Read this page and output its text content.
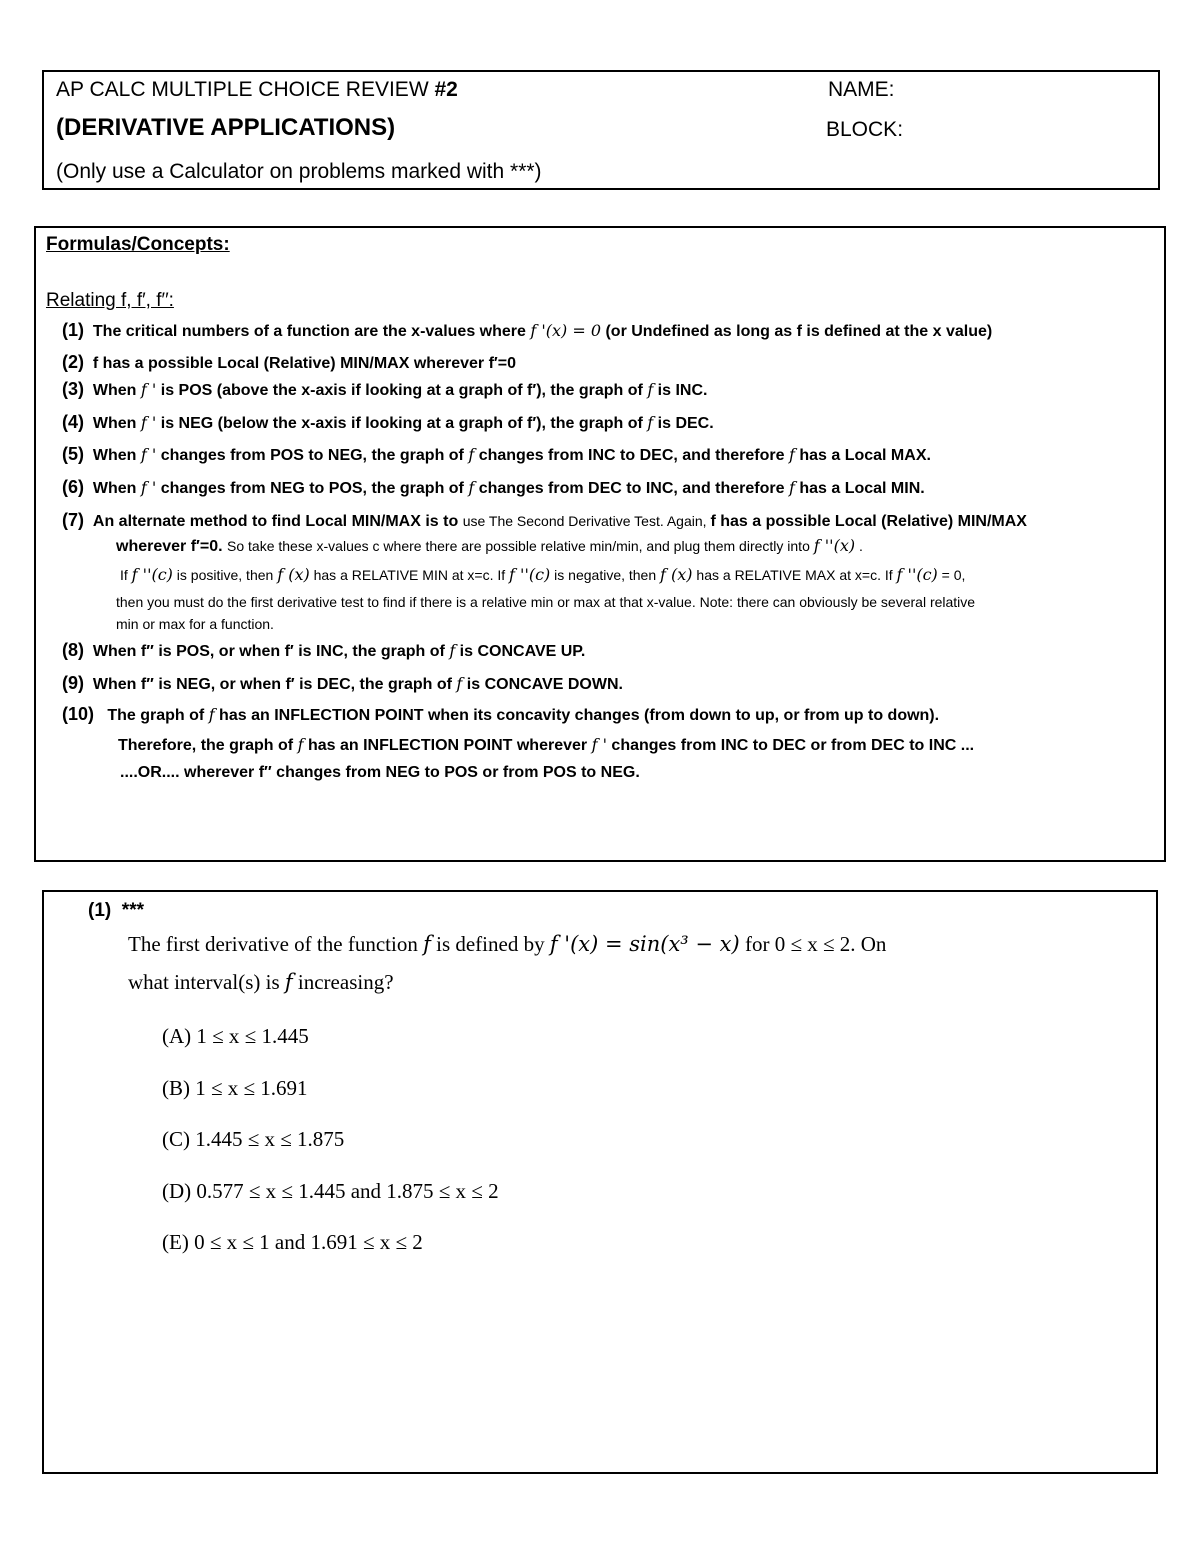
AP CALC MULTIPLE CHOICE REVIEW #2
(DERIVATIVE APPLICATIONS)
(Only use a Calculator on problems marked with ***)
NAME:
BLOCK:
Formulas/Concepts:
Relating f, f′, f′′:
(1) The critical numbers of a function are the x-values where f '(x) = 0 (or Undefined as long as f is defined at the x value)
(2) f has a possible Local (Relative) MIN/MAX wherever f′=0
(3) When f ' is POS (above the x-axis if looking at a graph of f′), the graph of f is INC.
(4) When f ' is NEG (below the x-axis if looking at a graph of f′), the graph of f is DEC.
(5) When f ' changes from POS to NEG, the graph of f changes from INC to DEC, and therefore f has a Local MAX.
(6) When f ' changes from NEG to POS, the graph of f changes from DEC to INC, and therefore f has a Local MIN.
(7) An alternate method to find Local MIN/MAX is to use The Second Derivative Test. Again, f has a possible Local (Relative) MIN/MAX
wherever f′=0. So take these x-values c where there are possible relative min/min, and plug them directly into f ''(x) .
If f ''(c) is positive, then f (x) has a RELATIVE MIN at x=c. If f ''(c) is negative, then f (x) has a RELATIVE MAX at x=c. If f ''(c) = 0,
then you must do the first derivative test to find if there is a relative min or max at that x-value. Note: there can obviously be several relative
min or max for a function.
(8) When f′′ is POS, or when f′ is INC, the graph of f is CONCAVE UP.
(9) When f′′ is NEG, or when f′ is DEC, the graph of f is CONCAVE DOWN.
(10) The graph of f has an INFLECTION POINT when its concavity changes (from down to up, or from up to down).
Therefore, the graph of f has an INFLECTION POINT wherever f ' changes from INC to DEC or from DEC to INC ...
....OR.... wherever f′′ changes from NEG to POS or from POS to NEG.
(1) ***
The first derivative of the function f is defined by f '(x) = sin(x³ − x) for 0 ≤ x ≤ 2. On
what interval(s) is f increasing?
(A) 1 ≤ x ≤ 1.445
(B) 1 ≤ x ≤ 1.691
(C) 1.445 ≤ x ≤ 1.875
(D) 0.577 ≤ x ≤ 1.445 and 1.875 ≤ x ≤ 2
(E) 0 ≤ x ≤ 1 and 1.691 ≤ x ≤ 2
